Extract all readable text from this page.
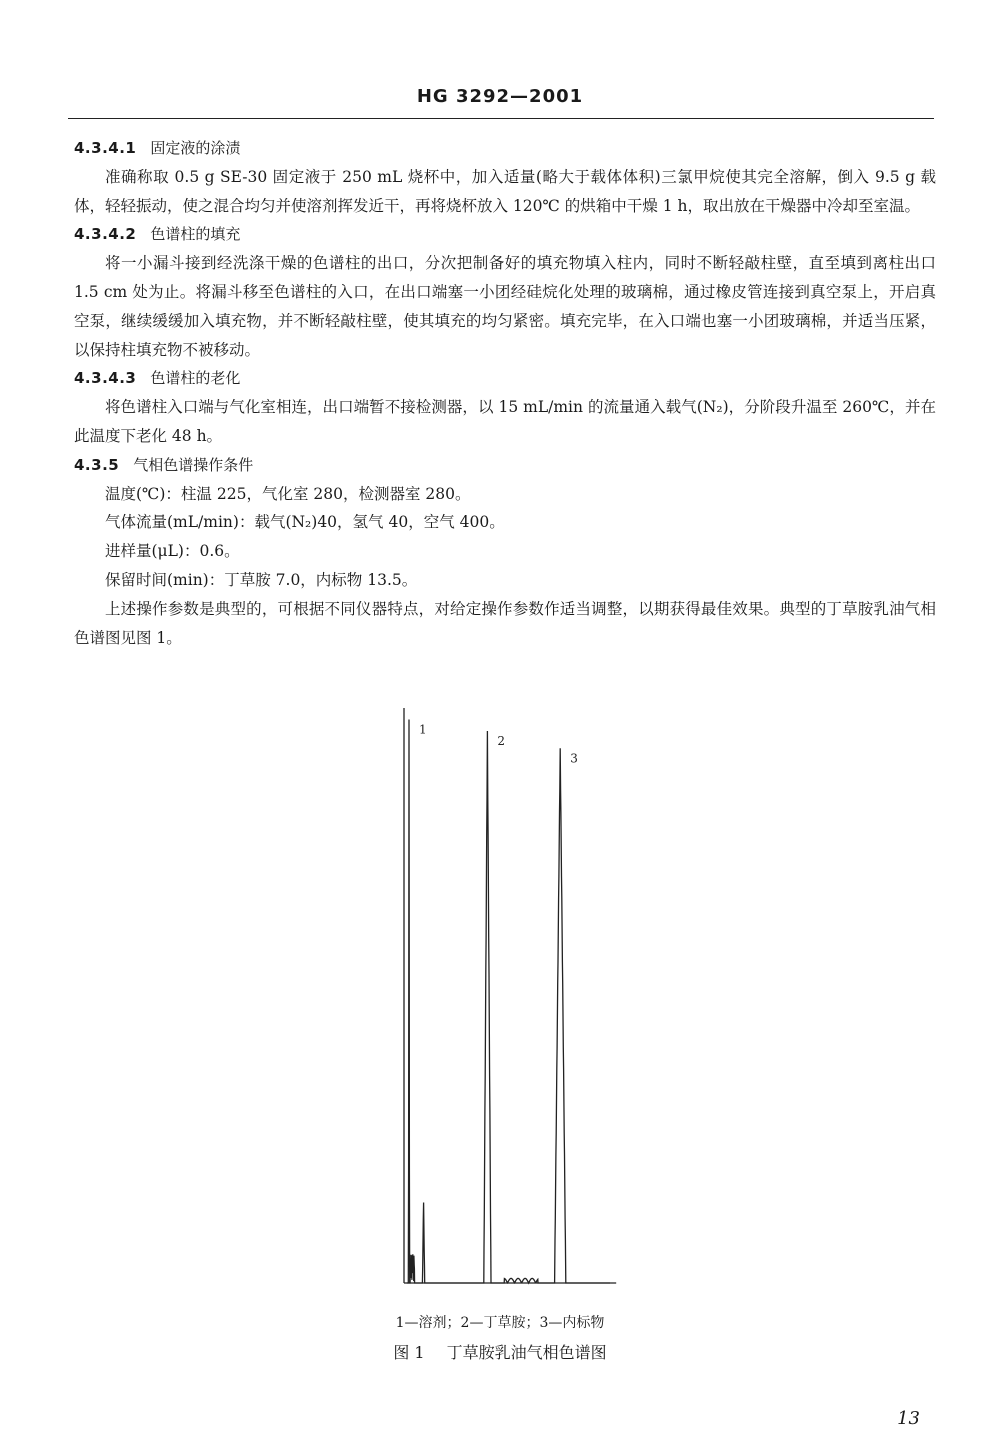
HG 3292—2001
4.3.4.1 固定液的涂渍
准确称取 0.5 g SE-30 固定液于 250 mL 烧杯中，加入适量(略大于载体体积)三氯甲烷使其完全溶解，倒入 9.5 g 载体，轻轻振动，使之混合均匀并使溶剂挥发近干，再将烧杯放入 120℃ 的烘箱中干燥 1 h，取出放在干燥器中冷却至室温。
4.3.4.2 色谱柱的填充
将一小漏斗接到经洗涤干燥的色谱柱的出口，分次把制备好的填充物填入柱内，同时不断轻敲柱壁，直至填到离柱出口 1.5 cm 处为止。将漏斗移至色谱柱的入口，在出口端塞一小团经硅烷化处理的玻璃棉，通过橡皮管连接到真空泵上，开启真空泵，继续缓缓加入填充物，并不断轻敲柱壁，使其填充的均匀紧密。填充完毕，在入口端也塞一小团玻璃棉，并适当压紧，以保持柱填充物不被移动。
4.3.4.3 色谱柱的老化
将色谱柱入口端与气化室相连，出口端暂不接检测器，以 15 mL/min 的流量通入载气(N₂)，分阶段升温至 260℃，并在此温度下老化 48 h。
4.3.5 气相色谱操作条件
温度(℃)：柱温 225，气化室 280，检测器室 280。
气体流量(mL/min)：载气(N₂)40，氢气 40，空气 400。
进样量(μL)：0.6。
保留时间(min)：丁草胺 7.0，内标物 13.5。
上述操作参数是典型的，可根据不同仪器特点，对给定操作参数作适当调整，以期获得最佳效果。典型的丁草胺乳油气相色谱图见图 1。
1
2
3
1—溶剂；2—丁草胺；3—内标物
图 1 丁草胺乳油气相色谱图
13
